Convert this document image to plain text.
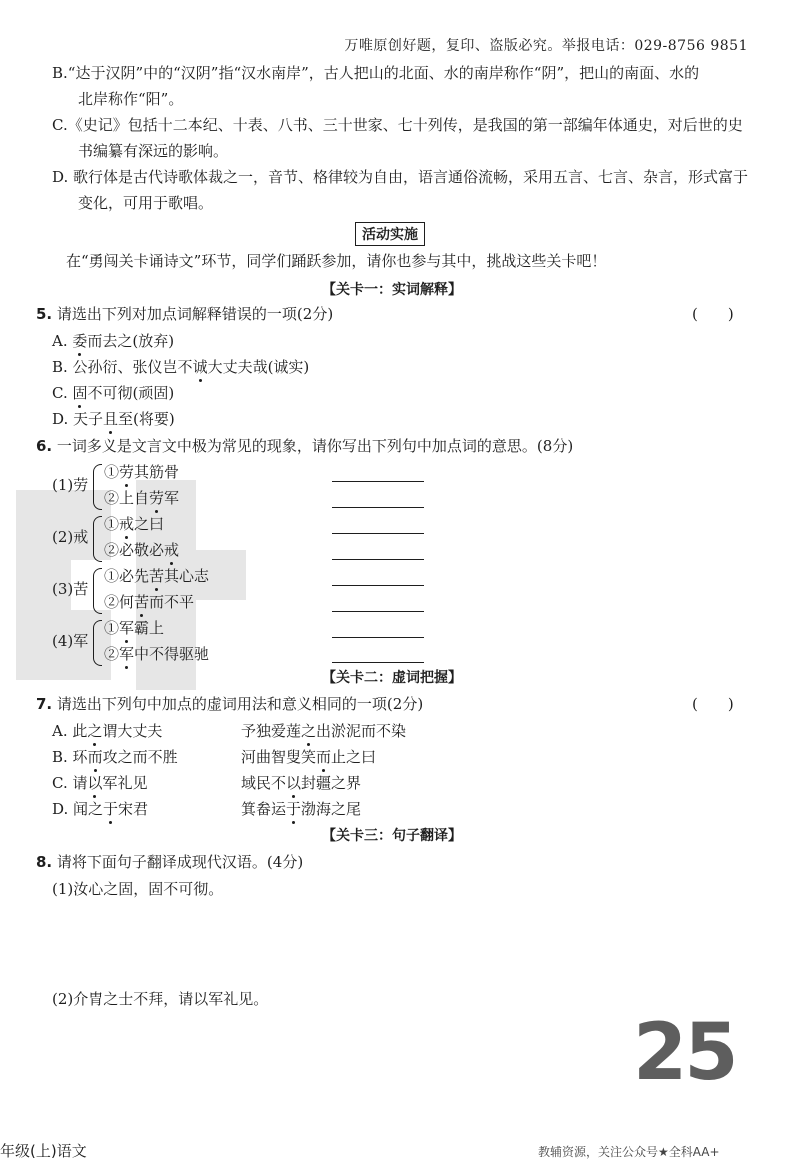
万唯原创好题，复印、盗版必究。举报电话：029-8756 9851
B.“达于汉阴”中的“汉阴”指“汉水南岸”，古人把山的北面、水的南岸称作“阴”，把山的南面、水的
北岸称作“阳”。
C.《史记》包括十二本纪、十表、八书、三十世家、七十列传，是我国的第一部编年体通史，对后世的史
书编纂有深远的影响。
D. 歌行体是古代诗歌体裁之一，音节、格律较为自由，语言通俗流畅，采用五言、七言、杂言，形式富于
变化，可用于歌唱。
活动实施
在“勇闯关卡诵诗文”环节，同学们踊跃参加，请你也参与其中，挑战这些关卡吧！
【关卡一：实词解释】
5. 请选出下列对加点词解释错误的一项(2分)	(　　)
A. 委而去之(放弃)
B. 公孙衍、张仪岂不诚大丈夫哉(诚实)
C. 固不可彻(顽固)
D. 天子且至(将要)
6. 一词多义是文言文中极为常见的现象，请你写出下列句中加点词的意思。(8分)
(1)劳
①劳其筋骨
②上自劳军
(2)戒
①戒之曰
②必敬必戒
(3)苦
①必先苦其心志
②何苦而不平
(4)军
①军霸上
②军中不得驱驰
【关卡二：虚词把握】
7. 请选出下列句中加点的虚词用法和意义相同的一项(2分)	(　　)
A. 此之谓大丈夫	予独爱莲之出淤泥而不染
B. 环而攻之而不胜	河曲智叟笑而止之曰
C. 请以军礼见	域民不以封疆之界
D. 闻之于宋君	箕畚运于渤海之尾
【关卡三：句子翻译】
8. 请将下面句子翻译成现代汉语。(4分)
(1)汝心之固，固不可彻。
(2)介胄之士不拜，请以军礼见。
25
年级(上)语文	教辅资源，关注公众号★全科AA+
